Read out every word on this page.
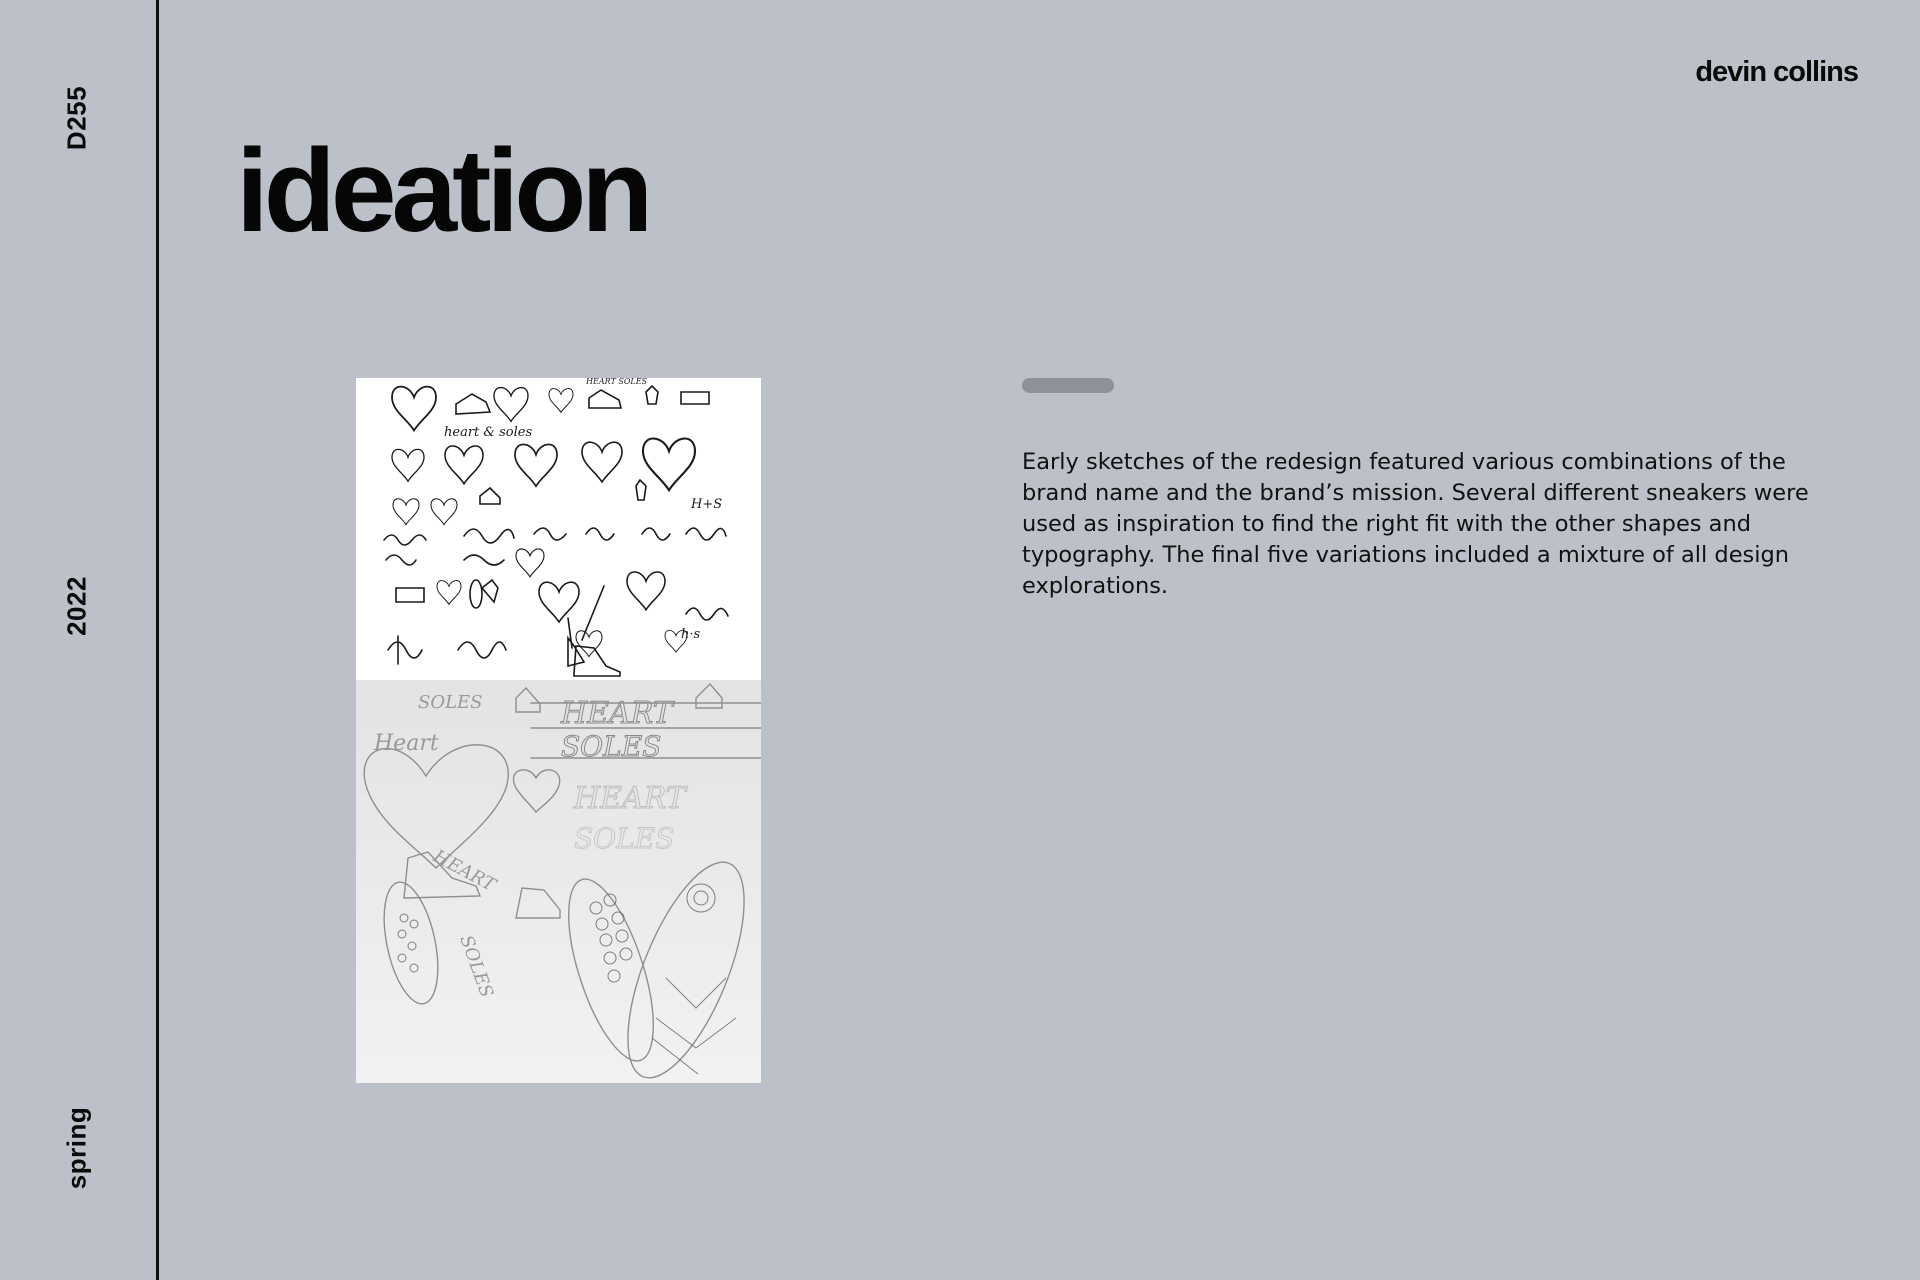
D255
2022
spring
devin collins
ideation
heart & soles
H+S
h·s
HEART SOLES
Heart
SOLES	HEART
SOLES
HEART
SOLES
HEART
SOLES

Early sketches of the redesign featured various combinations of the brand name and the brand’s mission. Several different sneakers were used as inspiration to find the right fit with the other shapes and typography. The final five variations included a mixture of all design explorations.
